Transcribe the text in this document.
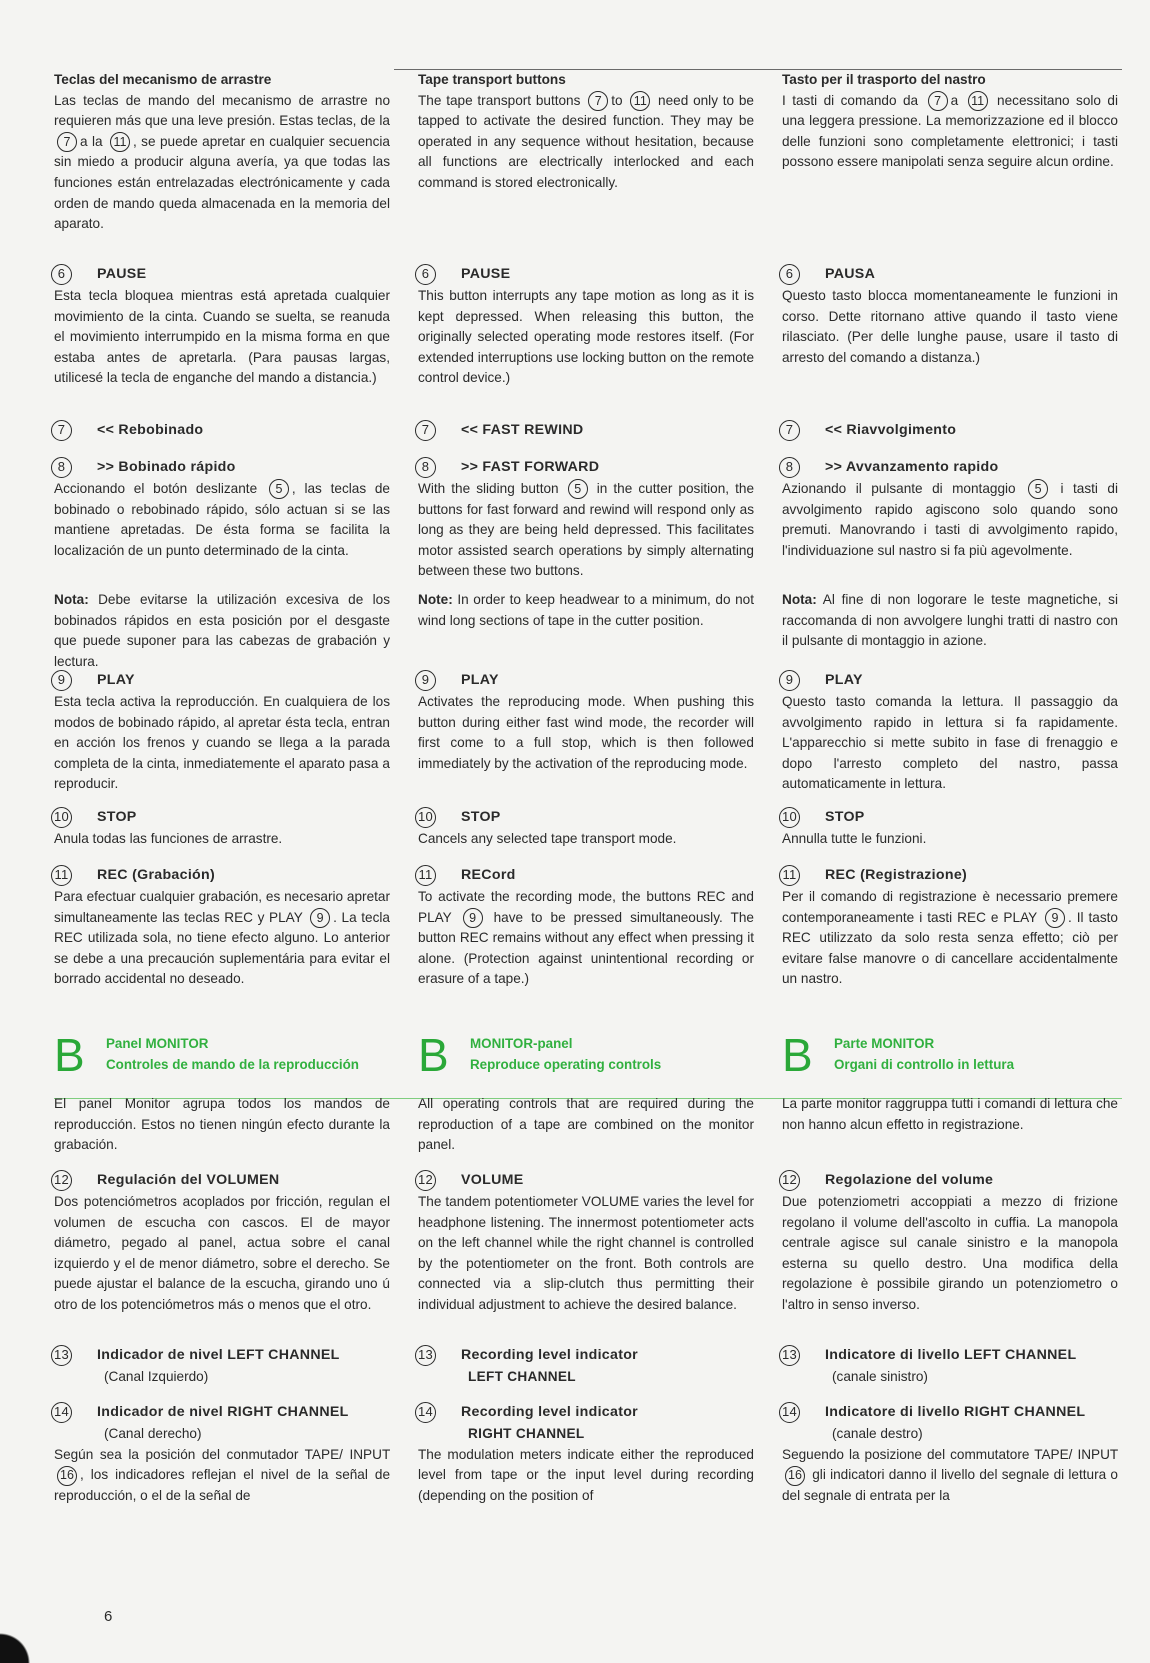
Teclas del mecanismo de arrastre

Las teclas de mando del mecanismo de arrastre no requieren más que una leve presión. Estas teclas, de la 7 a la 11 , se puede apretar en cualquier secuencia sin miedo a producir alguna avería, ya que todas las funciones están entrelazadas electrónicamente y cada orden de mando queda almacenada en la memoria del aparato.

6	PAUSE

Esta tecla bloquea mientras está apretada cualquier movimiento de la cinta. Cuando se suelta, se reanuda el movimiento interrumpido en la misma forma en que estaba antes de apretarla. (Para pausas largas, utilicesé la tecla de enganche del mando a distancia.)

7	<< Rebobinado
8	>> Bobinado rápido

Accionando el botón deslizante 5 , las teclas de bobinado o rebobinado rápido, sólo actuan si se las mantiene apretadas. De ésta forma se facilita la localización de un punto determinado de la cinta.

Nota: Debe evitarse la utilización excesiva de los bobinados rápidos en esta posición por el desgaste que puede suponer para las cabezas de grabación y lectura.

9	PLAY

Esta tecla activa la reproducción. En cualquiera de los modos de bobinado rápido, al apretar ésta tecla, entran en acción los frenos y cuando se llega a la parada completa de la cinta, inmediatemente el aparato pasa a reproducir.

10 STOP

Anula todas las funciones de arrastre.

11 REC (Grabación)

Para efectuar cualquier grabación, es necesario apretar simultaneamente las teclas REC y PLAY 9 . La tecla REC utilizada sola, no tiene efecto alguno. Lo anterior se debe a una precaución suplementária para evitar el borrado accidental no deseado.

B	Panel MONITOR
Controles de mando de la reproducción

El panel Monitor agrupa todos los mandos de reproducción. Estos no tienen ningún efecto durante la grabación.

12 Regulación del VOLUMEN

Dos potenciómetros acoplados por fricción, regulan el volumen de escucha con cascos. El de mayor diámetro, pegado al panel, actua sobre el canal izquierdo y el de menor diámetro, sobre el derecho. Se puede ajustar el balance de la escucha, girando uno ú otro de los potenciómetros más o menos que el otro.

13 Indicador de nivel LEFT CHANNEL
(Canal Izquierdo)
14 Indicador de nivel RIGHT CHANNEL
(Canal derecho)

Según sea la posición del conmutador TAPE/ INPUT 16 , los indicadores reflejan el nivel de la señal de reproducción, o el de la señal de

Tape transport buttons

The tape transport buttons 7 to 11 need only to be tapped to activate the desired function. They may be operated in any sequence without hesitation, because all functions are electrically interlocked and each command is stored electronically.

6	PAUSE

This button interrupts any tape motion as long as it is kept depressed. When releasing this button, the originally selected operating mode restores itself. (For extended interruptions use locking button on the remote control device.)

7	<< FAST REWIND
8	>> FAST FORWARD

With the sliding button 5 in the cutter position, the buttons for fast forward and rewind will respond only as long as they are being held depressed. This facilitates motor assisted search operations by simply alternating between these two buttons.

Note: In order to keep headwear to a minimum, do not wind long sections of tape in the cutter position.

9	PLAY

Activates the reproducing mode. When pushing this button during either fast wind mode, the recorder will first come to a full stop, which is then followed immediately by the activation of the reproducing mode.

10 STOP

Cancels any selected tape transport mode.

11 RECord

To activate the recording mode, the buttons REC and PLAY 9 have to be pressed simultaneously. The button REC remains without any effect when pressing it alone. (Protection against unintentional recording or erasure of a tape.)

B	MONITOR-panel
Reproduce operating controls

All operating controls that are required during the reproduction of a tape are combined on the monitor panel.

12 VOLUME

The tandem potentiometer VOLUME varies the level for headphone listening. The innermost potentiometer acts on the left channel while the right channel is controlled by the potentiometer on the front. Both controls are connected via a slip-clutch thus permitting their individual adjustment to achieve the desired balance.

13 Recording level indicator
LEFT CHANNEL
14 Recording level indicator
RIGHT CHANNEL

The modulation meters indicate either the reproduced level from tape or the input level during recording (depending on the position of

Tasto per il trasporto del nastro

I tasti di comando da 7 a 11 necessitano solo di una leggera pressione. La memorizzazione ed il blocco delle funzioni sono completamente elettronici; i tasti possono essere manipolati senza seguire alcun ordine.

6	PAUSA

Questo tasto blocca momentaneamente le funzioni in corso. Dette ritornano attive quando il tasto viene rilasciato. (Per delle lunghe pause, usare il tasto di arresto del comando a distanza.)

7	<< Riavvolgimento
8	>> Avvanzamento rapido

Azionando il pulsante di montaggio 5 i tasti di avvolgimento rapido agiscono solo quando sono premuti. Manovrando i tasti di avvolgimento rapido, l'individuazione sul nastro si fa più agevolmente.

Nota: Al fine di non logorare le teste magnetiche, si raccomanda di non avvolgere lunghi tratti di nastro con il pulsante di montaggio in azione.

9	PLAY

Questo tasto comanda la lettura. Il passaggio da avvolgimento rapido in lettura si fa rapidamente. L'apparecchio si mette subito in fase di frenaggio e dopo l'arresto completo del nastro, passa automaticamente in lettura.

10 STOP

Annulla tutte le funzioni.

11 REC (Registrazione)

Per il comando di registrazione è necessario premere contemporaneamente i tasti REC e PLAY 9 . Il tasto REC utilizzato da solo resta senza effetto; ciò per evitare false manovre o di cancellare accidentalmente un nastro.

B	Parte MONITOR
Organi di controllo in lettura

La parte monitor raggruppa tutti i comandi di lettura che non hanno alcun effetto in registrazione.

12 Regolazione del volume

Due potenziometri accoppiati a mezzo di frizione regolano il volume dell'ascolto in cuffia. La manopola centrale agisce sul canale sinistro e la manopola esterna su quello destro. Una modifica della regolazione è possibile girando un potenziometro o l'altro in senso inverso.

13 Indicatore di livello LEFT CHANNEL
(canale sinistro)
14 Indicatore di livello RIGHT CHANNEL
(canale destro)

Seguendo la posizione del commutatore TAPE/ INPUT 16 gli indicatori danno il livello del segnale di lettura o del segnale di entrata per la

6
